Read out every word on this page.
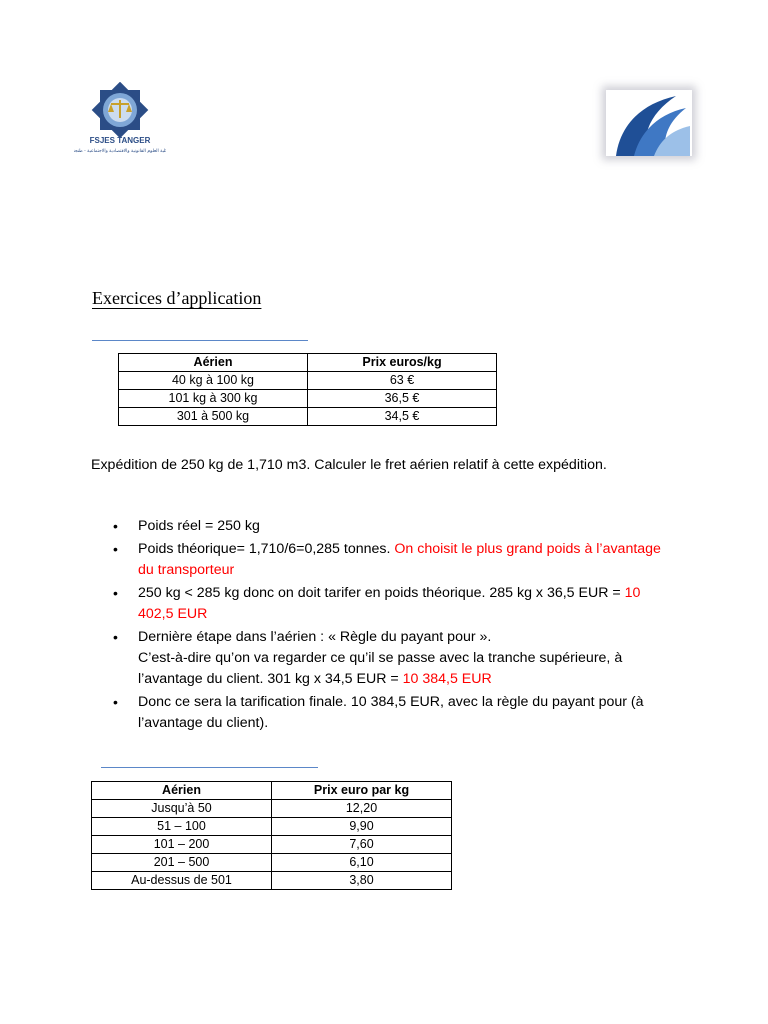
FSJES TANGER
كلية العلوم القانونية والاقتصادية والاجتماعية - طنجة
Exercices d’application
Aérien	Prix euros/kg
40 kg à 100 kg	63 €
101 kg à 300 kg	36,5 €
301 à 500 kg	34,5 €
Expédition de 250 kg de 1,710 m3. Calculer le fret aérien relatif à cette expédition.
• Poids réel = 250 kg
• Poids théorique= 1,710/6=0,285 tonnes. On choisit le plus grand poids à l’avantage du transporteur
• 250 kg < 285 kg donc on doit tarifer en poids théorique. 285 kg x 36,5 EUR = 10 402,5 EUR
• Dernière étape dans l’aérien : « Règle du payant pour ».
C’est-à-dire qu’on va regarder ce qu’il se passe avec la tranche supérieure, à l’avantage du client. 301 kg x 34,5 EUR = 10 384,5 EUR
• Donc ce sera la tarification finale. 10 384,5 EUR, avec la règle du payant pour (à l’avantage du client).
Aérien	Prix euro par kg
Jusqu’à 50	12,20
51 – 100	9,90
101 – 200	7,60
201 – 500	6,10
Au-dessus de 501	3,80
